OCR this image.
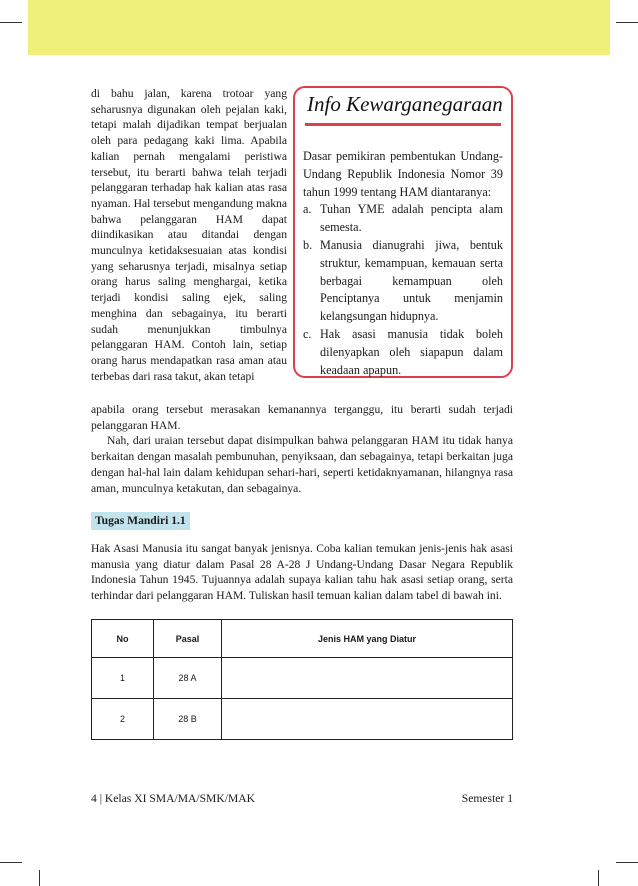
di bahu jalan, karena trotoar yang seharusnya digunakan oleh pejalan kaki, tetapi malah dijadikan tempat berjualan oleh para pedagang kaki lima. Apabila kalian pernah mengalami peristiwa tersebut, itu berarti bahwa telah terjadi pelanggaran terhadap hak kalian atas rasa nyaman. Hal tersebut mengandung makna bahwa pelanggaran HAM dapat diindikasikan atau ditandai dengan munculnya ketidaksesuaian atas kondisi yang seharusnya terjadi, misalnya setiap orang harus saling menghargai, ketika terjadi kondisi saling ejek, saling menghina dan sebagainya, itu berarti sudah menunjukkan timbulnya pelanggaran HAM. Contoh lain, setiap orang harus mendapatkan rasa aman atau terbebas dari rasa takut, akan tetapi

Info Kewarganegaraan
Dasar pemikiran pembentukan Undang-Undang Republik Indonesia Nomor 39 tahun 1999 tentang HAM diantaranya:
a. Tuhan YME adalah pencipta alam semesta.
b. Manusia dianugrahi jiwa, bentuk struktur, kemampuan, kemauan serta berbagai kemampuan oleh Penciptanya untuk menjamin kelangsungan hidupnya.
c. Hak asasi manusia tidak boleh dilenyapkan oleh siapapun dalam keadaan apapun.

apabila orang tersebut merasakan kemanannya terganggu, itu berarti sudah terjadi pelanggaran HAM.

Nah, dari uraian tersebut dapat disimpulkan bahwa pelanggaran HAM itu tidak hanya berkaitan dengan masalah pembunuhan, penyiksaan, dan sebagainya, tetapi berkaitan juga dengan hal-hal lain dalam kehidupan sehari-hari, seperti ketidaknyamanan, hilangnya rasa aman, munculnya ketakutan, dan sebagainya.

Tugas Mandiri 1.1

Hak Asasi Manusia itu sangat banyak jenisnya. Coba kalian temukan jenis-jenis hak asasi manusia yang diatur dalam Pasal 28 A-28 J Undang-Undang Dasar Negara Republik Indonesia Tahun 1945. Tujuannya adalah supaya kalian tahu hak asasi setiap orang, serta terhindar dari pelanggaran HAM. Tuliskan hasil temuan kalian dalam tabel di bawah ini.

No	Pasal	Jenis HAM yang Diatur
1	28 A	
2	28 B	
4 | Kelas XI SMA/MA/SMK/MAK	Semester 1
